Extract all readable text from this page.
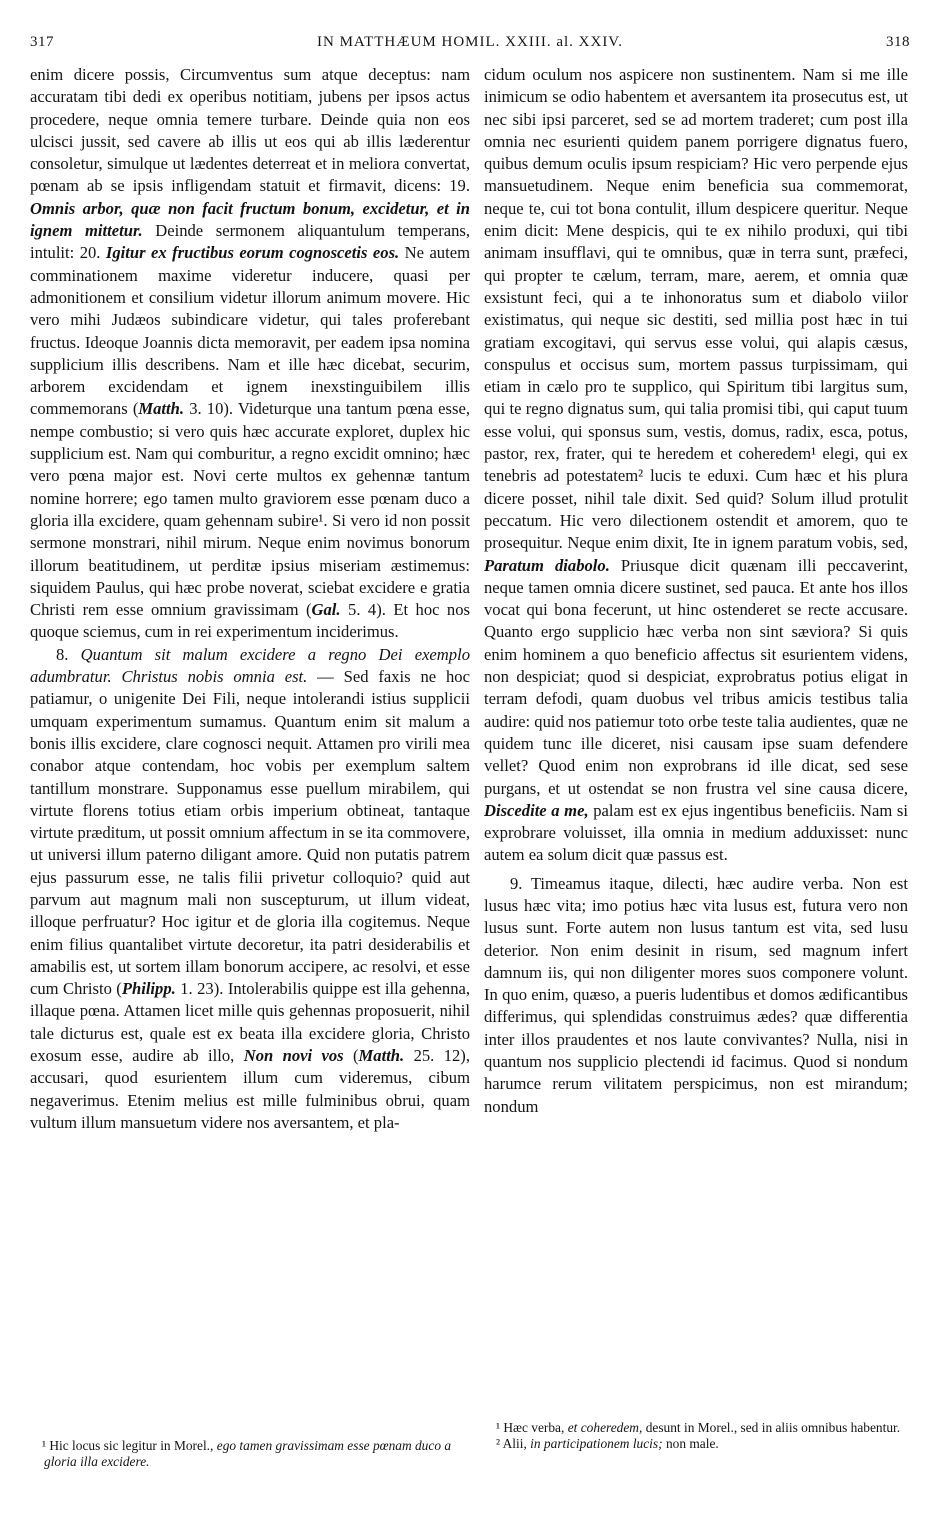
317	IN MATTHÆUM HOMIL. XXIII. al. XXIV.	318

enim dicere possis, Circumventus sum atque deceptus: nam accuratam tibi dedi ex operibus notitiam, jubens per ipsos actus procedere, neque omnia temere turbare. Deinde quia non eos ulcisci jussit, sed cavere ab illis ut eos qui ab illis læderentur consoletur, simulque ut lædentes deterreat et in meliora convertat, pœnam ab se ipsis infligendam statuit et firmavit, dicens: 19. Omnis arbor, quæ non facit fructum bonum, excidetur, et in ignem mittetur. Deinde sermonem aliquantulum temperans, intulit: 20. Igitur ex fructibus eorum cognoscetis eos. Ne autem comminationem maxime videretur inducere, quasi per admonitionem et consilium videtur illorum animum movere. Hic vero mihi Judæos subindicare videtur, qui tales proferebant fructus. Ideoque Joannis dicta memoravit, per eadem ipsa nomina supplicium illis describens. Nam et ille hæc dicebat, securim, arborem excidendam et ignem inexstinguibilem illis commemorans (Matth. 3. 10). Videturque una tantum pœna esse, nempe combustio; si vero quis hæc accurate exploret, duplex hic supplicium est. Nam qui comburitur, a regno excidit omnino; hæc vero pœna major est. Novi certe multos ex gehennæ tantum nomine horrere; ego tamen multo graviorem esse pœnam duco a gloria illa excidere, quam gehennam subire¹. Si vero id non possit sermone monstrari, nihil mirum. Neque enim novimus bonorum illorum beatitudinem, ut perditæ ipsius miseriam æstimemus: siquidem Paulus, qui hæc probe noverat, sciebat excidere e gratia Christi rem esse omnium gravissimam (Gal. 5. 4). Et hoc nos quoque sciemus, cum in rei experimentum inciderimus.

8. Quantum sit malum excidere a regno Dei exemplo adumbratur. Christus nobis omnia est. — Sed faxis ne hoc patiamur, o unigenite Dei Fili, neque intolerandi istius supplicii umquam experimentum sumamus. Quantum enim sit malum a bonis illis excidere, clare cognosci nequit. Attamen pro virili mea conabor atque contendam, hoc vobis per exemplum saltem tantillum monstrare. Supponamus esse puellum mirabilem, qui virtute florens totius etiam orbis imperium obtineat, tantaque virtute præditum, ut possit omnium affectum in se ita commovere, ut universi illum paterno diligant amore. Quid non putatis patrem ejus passurum esse, ne talis filii privetur colloquio? quid aut parvum aut magnum mali non suscepturum, ut illum videat, illoque perfruatur? Hoc igitur et de gloria illa cogitemus. Neque enim filius quantalibet virtute decoretur, ita patri desiderabilis et amabilis est, ut sortem illam bonorum accipere, ac resolvi, et esse cum Christo (Philipp. 1. 23). Intolerabilis quippe est illa gehenna, illaque pœna. Attamen licet mille quis gehennas proposuerit, nihil tale dicturus est, quale est ex beata illa excidere gloria, Christo exosum esse, audire ab illo, Non novi vos (Matth. 25. 12), accusari, quod esurientem illum cum videremus, cibum negaverimus. Etenim melius est mille fulminibus obrui, quam vultum illum mansuetum videre nos aversantem, et pla-

cidum oculum nos aspicere non sustinentem. Nam si me ille inimicum se odio habentem et aversantem ita prosecutus est, ut nec sibi ipsi parceret, sed se ad mortem traderet; cum post illa omnia nec esurienti quidem panem porrigere dignatus fuero, quibus demum oculis ipsum respiciam? Hic vero perpende ejus mansuetudinem. Neque enim beneficia sua commemorat, neque te, cui tot bona contulit, illum despicere queritur. Neque enim dicit: Mene despicis, qui te ex nihilo produxi, qui tibi animam insufflavi, qui te omnibus, quæ in terra sunt, præfeci, qui propter te cælum, terram, mare, aerem, et omnia quæ exsistunt feci, qui a te inhonoratus sum et diabolo viilor existimatus, qui neque sic destiti, sed millia post hæc in tui gratiam excogitavi, qui servus esse volui, qui alapis cæsus, conspulus et occisus sum, mortem passus turpissimam, qui etiam in cælo pro te supplico, qui Spiritum tibi largitus sum, qui te regno dignatus sum, qui talia promisi tibi, qui caput tuum esse volui, qui sponsus sum, vestis, domus, radix, esca, potus, pastor, rex, frater, qui te heredem et coheredem¹ elegi, qui ex tenebris ad potestatem² lucis te eduxi. Cum hæc et his plura dicere posset, nihil tale dixit. Sed quid? Solum illud protulit peccatum. Hic vero dilectionem ostendit et amorem, quo te prosequitur. Neque enim dixit, Ite in ignem paratum vobis, sed, Paratum diabolo. Priusque dicit quænam illi peccaverint, neque tamen omnia dicere sustinet, sed pauca. Et ante hos illos vocat qui bona fecerunt, ut hinc ostenderet se recte accusare. Quanto ergo supplicio hæc verba non sint sæviora? Si quis enim hominem a quo beneficio affectus sit esurientem videns, non despiciat; quod si despiciat, exprobratus potius eligat in terram defodi, quam duobus vel tribus amicis testibus talia audire: quid nos patiemur toto orbe teste talia audientes, quæ ne quidem tunc ille diceret, nisi causam ipse suam defendere vellet? Quod enim non exprobrans id ille dicat, sed sese purgans, et ut ostendat se non frustra vel sine causa dicere, Discedite a me, palam est ex ejus ingentibus beneficiis. Nam si exprobrare voluisset, illa omnia in medium adduxisset: nunc autem ea solum dicit quæ passus est.

9. Timeamus itaque, dilecti, hæc audire verba. Non est lusus hæc vita; imo potius hæc vita lusus est, futura vero non lusus sunt. Forte autem non lusus tantum est vita, sed lusu deterior. Non enim desinit in risum, sed magnum infert damnum iis, qui non diligenter mores suos componere volunt. In quo enim, quæso, a pueris ludentibus et domos ædificantibus differimus, qui splendidas construimus ædes? quæ differentia inter illos praudentes et nos laute convivantes? Nulla, nisi in quantum nos supplicio plectendi id facimus. Quod si nondum harumce rerum vilitatem perspicimus, non est mirandum; nondum

¹ Hic locus sic legitur in Morel., ego tamen gravissimam esse pœnam duco a gloria illa excidere.

¹ Hæc verba, et coheredem, desunt in Morel., sed in aliis omnibus habentur.

² Alii, in participationem lucis; non male.
